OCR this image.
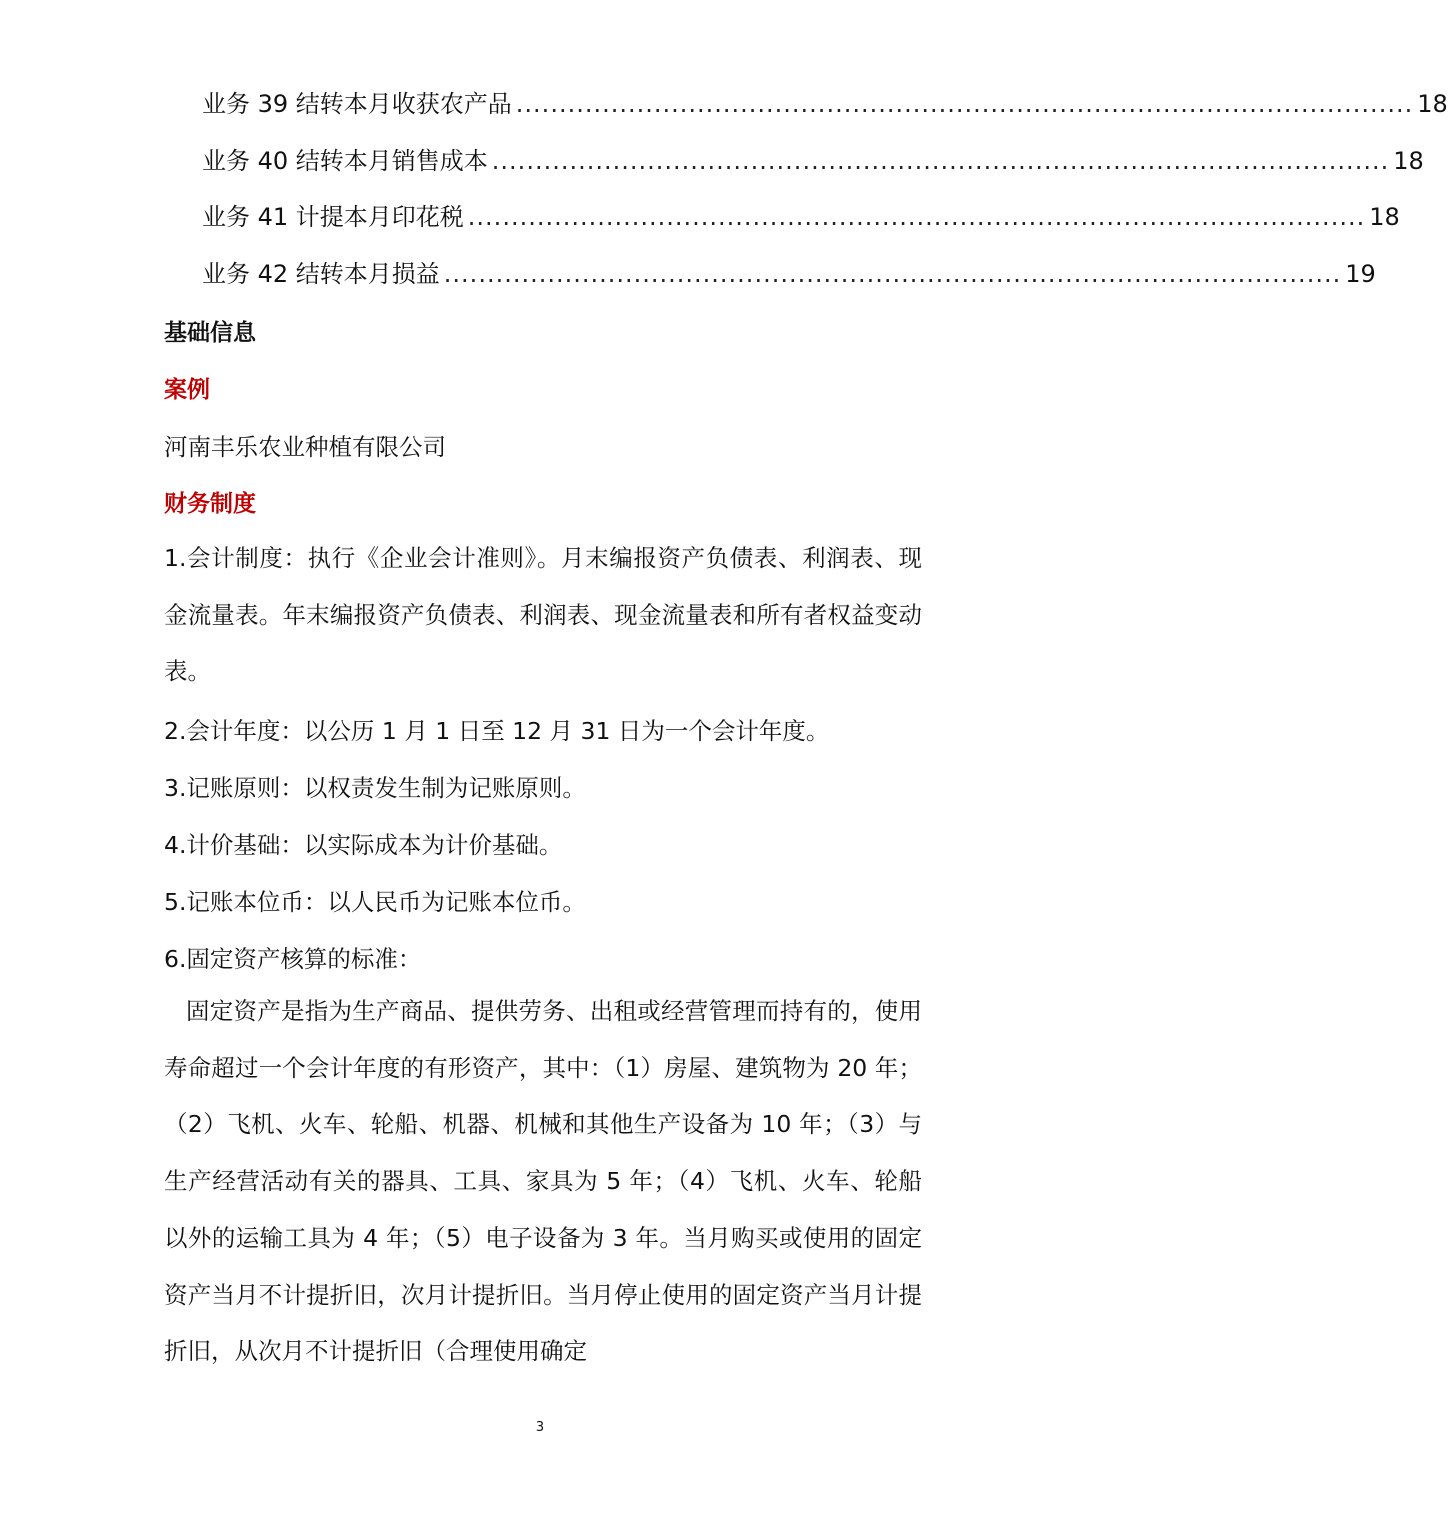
业务 39 结转本月收获农产品 ........................................................................................................ 18
业务 40 结转本月销售成本 ........................................................................................................ 18
业务 41 计提本月印花税 ........................................................................................................ 18
业务 42 结转本月损益 ........................................................................................................ 19
基础信息
案例
河南丰乐农业种植有限公司
财务制度
1.会计制度：执行《企业会计准则》。月末编报资产负债表、利润表、现金流量表。年末编报资产负债表、利润表、现金流量表和所有者权益变动表。
2.会计年度：以公历 1 月 1 日至 12 月 31 日为一个会计年度。
3.记账原则：以权责发生制为记账原则。
4.计价基础：以实际成本为计价基础。
5.记账本位币：以人民币为记账本位币。
6.固定资产核算的标准：
固定资产是指为生产商品、提供劳务、出租或经营管理而持有的，使用寿命超过一个会计年度的有形资产，其中：（1）房屋、建筑物为 20 年；（2）飞机、火车、轮船、机器、机械和其他生产设备为 10 年；（3）与生产经营活动有关的器具、工具、家具为 5 年；（4）飞机、火车、轮船以外的运输工具为 4 年；（5）电子设备为 3 年。当月购买或使用的固定资产当月不计提折旧，次月计提折旧。当月停止使用的固定资产当月计提折旧，从次月不计提折旧（合理使用确定
3
